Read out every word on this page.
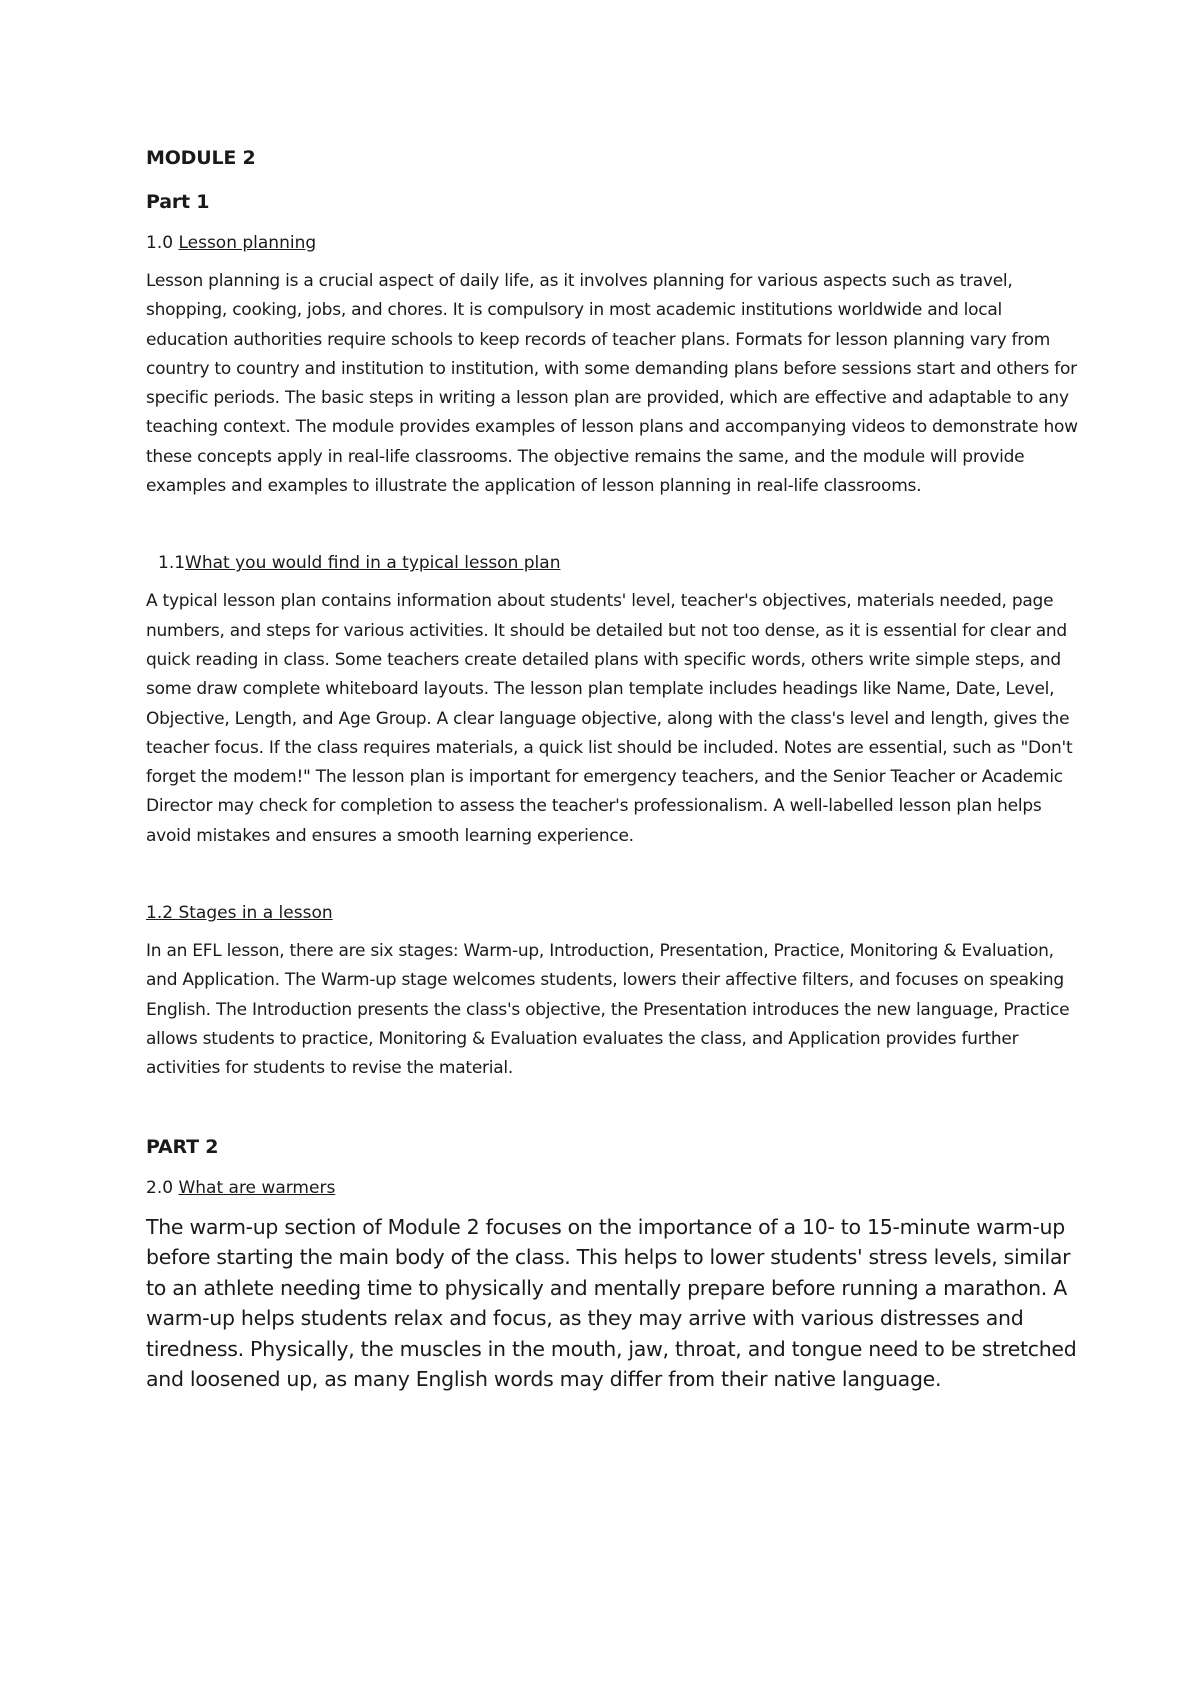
MODULE 2

Part 1

1.0 Lesson planning

Lesson planning is a crucial aspect of daily life, as it involves planning for various aspects such as travel, shopping, cooking, jobs, and chores. It is compulsory in most academic institutions worldwide and local education authorities require schools to keep records of teacher plans. Formats for lesson planning vary from country to country and institution to institution, with some demanding plans before sessions start and others for specific periods. The basic steps in writing a lesson plan are provided, which are effective and adaptable to any teaching context. The module provides examples of lesson plans and accompanying videos to demonstrate how these concepts apply in real-life classrooms. The objective remains the same, and the module will provide examples and examples to illustrate the application of lesson planning in real-life classrooms.

1.1What you would find in a typical lesson plan

A typical lesson plan contains information about students' level, teacher's objectives, materials needed, page numbers, and steps for various activities. It should be detailed but not too dense, as it is essential for clear and quick reading in class. Some teachers create detailed plans with specific words, others write simple steps, and some draw complete whiteboard layouts. The lesson plan template includes headings like Name, Date, Level, Objective, Length, and Age Group. A clear language objective, along with the class's level and length, gives the teacher focus. If the class requires materials, a quick list should be included. Notes are essential, such as "Don't forget the modem!" The lesson plan is important for emergency teachers, and the Senior Teacher or Academic Director may check for completion to assess the teacher's professionalism. A well-labelled lesson plan helps avoid mistakes and ensures a smooth learning experience.

1.2 Stages in a lesson

In an EFL lesson, there are six stages: Warm-up, Introduction, Presentation, Practice, Monitoring & Evaluation, and Application. The Warm-up stage welcomes students, lowers their affective filters, and focuses on speaking English. The Introduction presents the class's objective, the Presentation introduces the new language, Practice allows students to practice, Monitoring & Evaluation evaluates the class, and Application provides further activities for students to revise the material.

PART 2

2.0 What are warmers

The warm-up section of Module 2 focuses on the importance of a 10- to 15-minute warm-up before starting the main body of the class. This helps to lower students' stress levels, similar to an athlete needing time to physically and mentally prepare before running a marathon. A warm-up helps students relax and focus, as they may arrive with various distresses and tiredness. Physically, the muscles in the mouth, jaw, throat, and tongue need to be stretched and loosened up, as many English words may differ from their native language.
